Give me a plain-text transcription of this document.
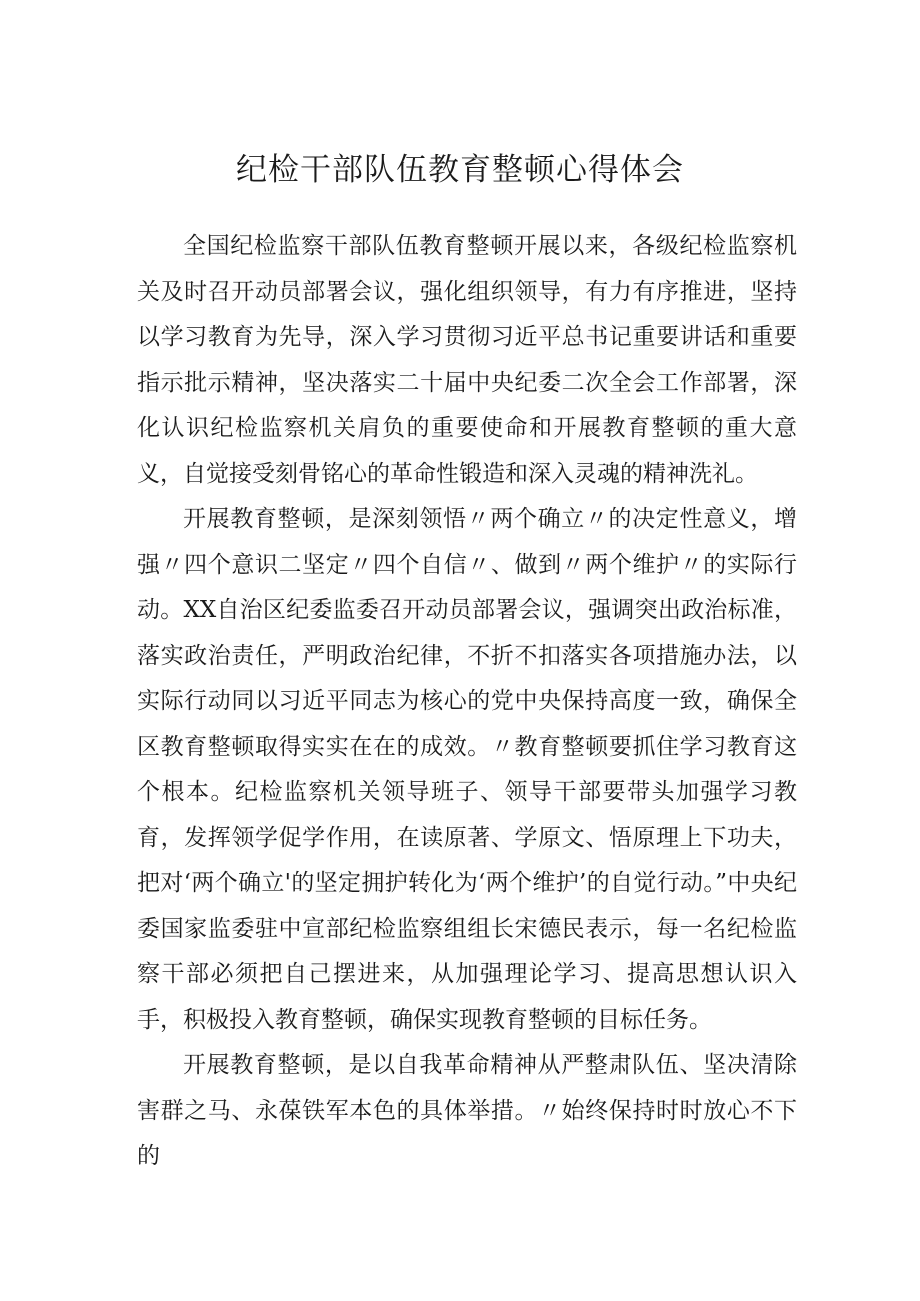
纪检干部队伍教育整顿心得体会

全国纪检监察干部队伍教育整顿开展以来，各级纪检监察机关及时召开动员部署会议，强化组织领导，有力有序推进，坚持以学习教育为先导，深入学习贯彻习近平总书记重要讲话和重要指示批示精神，坚决落实二十届中央纪委二次全会工作部署，深化认识纪检监察机关肩负的重要使命和开展教育整顿的重大意义，自觉接受刻骨铭心的革命性锻造和深入灵魂的精神洗礼。

开展教育整顿，是深刻领悟〃两个确立〃的决定性意义，增强〃四个意识二坚定〃四个自信〃、做到〃两个维护〃的实际行动。XX自治区纪委监委召开动员部署会议，强调突出政治标准，落实政治责任，严明政治纪律，不折不扣落实各项措施办法，以实际行动同以习近平同志为核心的党中央保持高度一致，确保全区教育整顿取得实实在在的成效。〃教育整顿要抓住学习教育这个根本。纪检监察机关领导班子、领导干部要带头加强学习教育，发挥领学促学作用，在读原著、学原文、悟原理上下功夫，把对‘两个确立'的坚定拥护转化为‘两个维护’的自觉行动。”中央纪委国家监委驻中宣部纪检监察组组长宋德民表示，每一名纪检监察干部必须把自己摆进来，从加强理论学习、提高思想认识入手，积极投入教育整顿，确保实现教育整顿的目标任务。

开展教育整顿，是以自我革命精神从严整肃队伍、坚决清除害群之马、永葆铁军本色的具体举措。〃始终保持时时放心不下的
